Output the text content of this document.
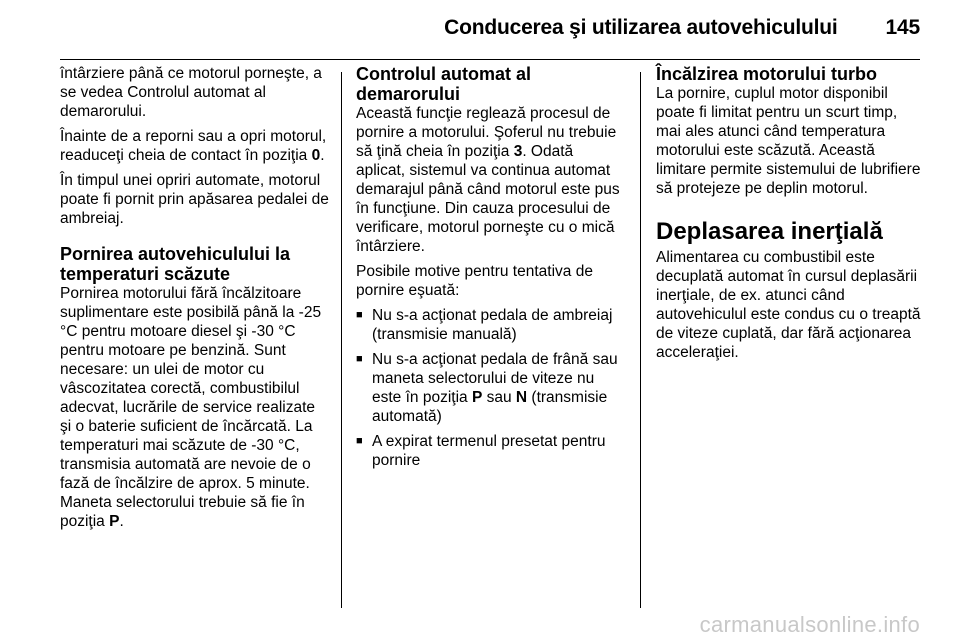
Conducerea şi utilizarea autovehiculului 145

întârziere până ce motorul porneşte, a se vedea Controlul automat al demarorului.

Înainte de a reporni sau a opri motorul, readuceţi cheia de contact în poziţia 0.

În timpul unei opriri automate, motorul poate fi pornit prin apăsarea pedalei de ambreiaj.

Pornirea autovehiculului la temperaturi scăzute

Pornirea motorului fără încălzitoare suplimentare este posibilă până la -25 °C pentru motoare diesel şi -30 °C pentru motoare pe benzină. Sunt necesare: un ulei de motor cu vâscozitatea corectă, combustibilul adecvat, lucrările de service realizate şi o baterie suficient de încărcată. La temperaturi mai scăzute de -30 °C, transmisia automată are nevoie de o fază de încălzire de aprox. 5 minute. Maneta selectorului trebuie să fie în poziţia P.

Controlul automat al demarorului

Această funcţie reglează procesul de pornire a motorului. Şoferul nu trebuie să ţină cheia în poziţia 3. Odată aplicat, sistemul va continua automat demarajul până când motorul este pus în funcţiune. Din cauza procesului de verificare, motorul porneşte cu o mică întârziere.

Posibile motive pentru tentativa de pornire eşuată:

■ Nu s-a acţionat pedala de ambreiaj (transmisie manuală)
■ Nu s-a acţionat pedala de frână sau maneta selectorului de viteze nu este în poziţia P sau N (transmisie automată)
■ A expirat termenul presetat pentru pornire
Încălzirea motorului turbo

La pornire, cuplul motor disponibil poate fi limitat pentru un scurt timp, mai ales atunci când temperatura motorului este scăzută. Această limitare permite sistemului de lubrifiere să protejeze pe deplin motorul.

Deplasarea inerţială

Alimentarea cu combustibil este decuplată automat în cursul deplasării inerţiale, de ex. atunci când autovehiculul este condus cu o treaptă de viteze cuplată, dar fără acţionarea acceleraţiei.

carmanualsonline.info
